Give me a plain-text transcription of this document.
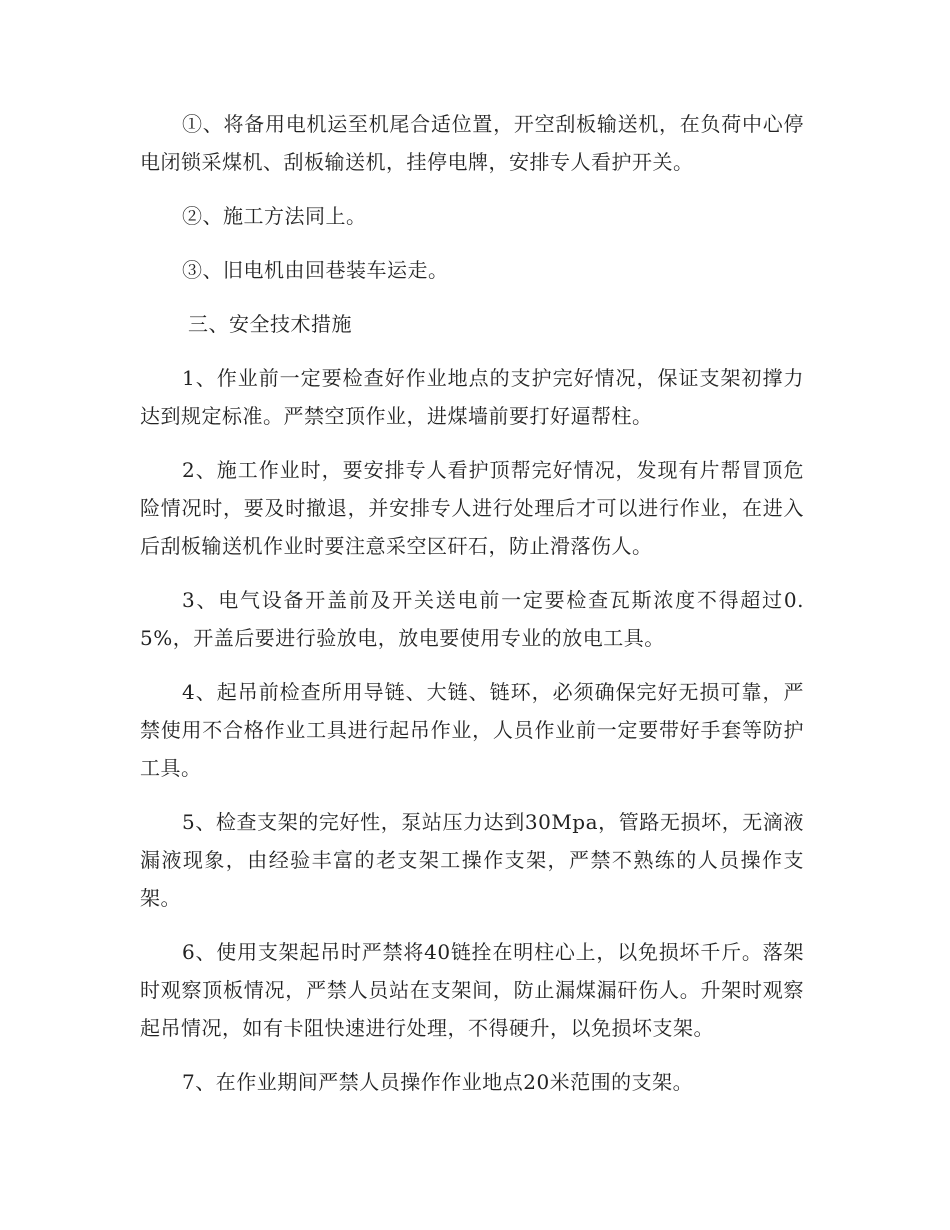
①、将备用电机运至机尾合适位置，开空刮板输送机，在负荷中心停电闭锁采煤机、刮板输送机，挂停电牌，安排专人看护开关。

②、施工方法同上。

③、旧电机由回巷装车运走。

三、安全技术措施

1、作业前一定要检查好作业地点的支护完好情况，保证支架初撑力达到规定标准。严禁空顶作业，进煤墙前要打好逼帮柱。

2、施工作业时，要安排专人看护顶帮完好情况，发现有片帮冒顶危险情况时，要及时撤退，并安排专人进行处理后才可以进行作业，在进入后刮板输送机作业时要注意采空区矸石，防止滑落伤人。

3、电气设备开盖前及开关送电前一定要检查瓦斯浓度不得超过0.5%，开盖后要进行验放电，放电要使用专业的放电工具。

4、起吊前检查所用导链、大链、链环，必须确保完好无损可靠，严禁使用不合格作业工具进行起吊作业，人员作业前一定要带好手套等防护工具。

5、检查支架的完好性，泵站压力达到30Mpa，管路无损坏，无滴液漏液现象，由经验丰富的老支架工操作支架，严禁不熟练的人员操作支架。

6、使用支架起吊时严禁将40链拴在明柱心上，以免损坏千斤。落架时观察顶板情况，严禁人员站在支架间，防止漏煤漏矸伤人。升架时观察起吊情况，如有卡阻快速进行处理，不得硬升，以免损坏支架。

7、在作业期间严禁人员操作作业地点20米范围的支架。
